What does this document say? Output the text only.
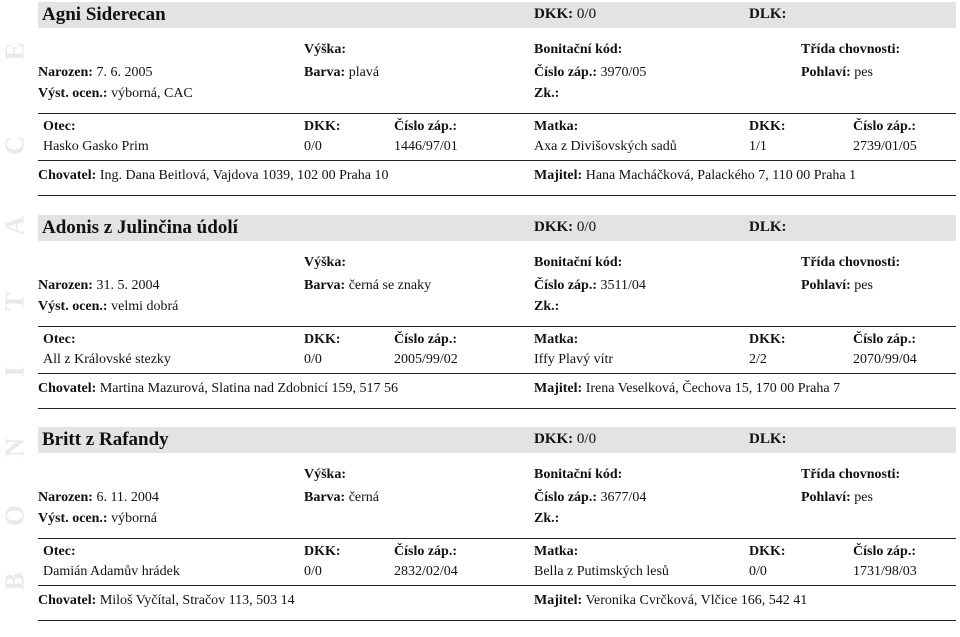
B
O
N
I
T
A
C
E
Agni Siderecan	DKK: 0/0	DLK:
Výška:	Bonitační kód:	Třída chovnosti:
Narozen: 7. 6. 2005	Barva: plavá	Číslo záp.: 3970/05	Pohlaví: pes
Výst. ocen.: výborná, CAC	Zk.:
Otec:	DKK:	Číslo záp.:	Matka:	DKK:	Číslo záp.:
Hasko Gasko Prim	0/0	1446/97/01	Axa z Divišovských sadů	1/1	2739/01/05
Chovatel: Ing. Dana Beitlová, Vajdova 1039, 102 00 Praha 10	Majitel: Hana Macháčková, Palackého 7, 110 00 Praha 1
Adonis z Julinčina údolí	DKK: 0/0	DLK:
Výška:	Bonitační kód:	Třída chovnosti:
Narozen: 31. 5. 2004	Barva: černá se znaky	Číslo záp.: 3511/04	Pohlaví: pes
Výst. ocen.: velmi dobrá	Zk.:
Otec:	DKK:	Číslo záp.:	Matka:	DKK:	Číslo záp.:
All z Královské stezky	0/0	2005/99/02	Iffy Plavý vítr	2/2	2070/99/04
Chovatel: Martina Mazurová, Slatina nad Zdobnicí 159, 517 56	Majitel: Irena Veselková, Čechova 15, 170 00 Praha 7
Britt z Rafandy	DKK: 0/0	DLK:
Výška:	Bonitační kód:	Třída chovnosti:
Narozen: 6. 11. 2004	Barva: černá	Číslo záp.: 3677/04	Pohlaví: pes
Výst. ocen.: výborná	Zk.:
Otec:	DKK:	Číslo záp.:	Matka:	DKK:	Číslo záp.:
Damián Adamův hrádek	0/0	2832/02/04	Bella z Putimských lesů	0/0	1731/98/03
Chovatel: Miloš Vyčítal, Stračov 113, 503 14	Majitel: Veronika Cvrčková, Vlčice 166, 542 41
